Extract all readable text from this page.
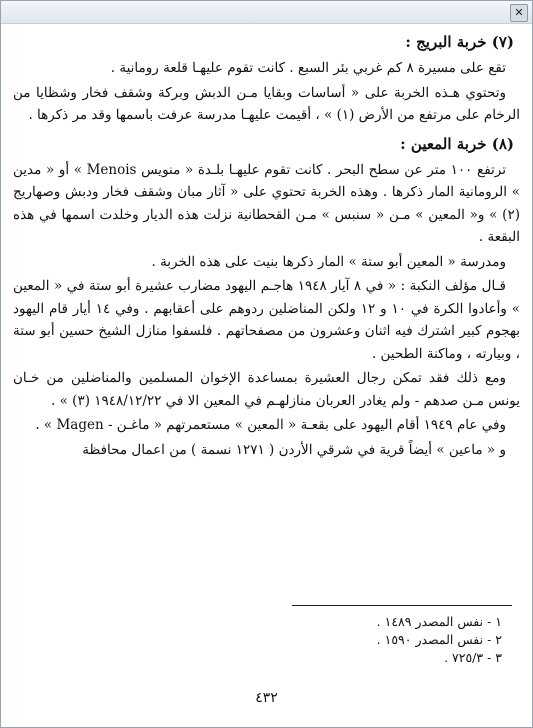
✕
(٧) خربة البريج :

تقع على مسيرة ٨ كم غربي بئر السبع . كانت تقوم عليهـا قلعة رومانية .

وتحتوي هـذه الخربة على « أساسات وبقايا مـن الدبش وبركة وشقف فخار وشظايا من الرخام على مرتفع من الأرض (١) » ، أقيمت عليهـا مدرسة عرفت باسمها وقد مر ذكرها .

(٨) خربة المعين :

ترتفع ١٠٠ متر عن سطح البحر . كانت تقوم عليهـا بلـدة « منويس Menois » أو « مدين » الرومانية المار ذكرها . وهذه الخربة تحتوي على « آثار مبان وشقف فخار ودبش وصهاريج (٢) » و« المعين » مـن « سنبس » مـن القحطانية نزلت هذه الديار وخلدت اسمها في هذه البقعة .

ومدرسة « المعين أبو ستة » المار ذكرها بنيت على هذه الخربة .

قـال مؤلف النكبة : « في ٨ آيار ١٩٤٨ هاجـم اليهود مضارب عشيرة أبو ستة في « المعين » وأعادوا الكرة في ١٠ و ١٢ ولكن المناضلين ردوهم على أعقابهم . وفي ١٤ أيار قام اليهود بهجوم كبير اشترك فيه اثنان وعشرون من مصفحاتهم . فلسفوا منازل الشيخ حسين أبو ستة ، وبيارته ، وماكنة الطحين .

ومع ذلك فقد تمكن رجال العشيرة بمساعدة الإخوان المسلمين والمناضلين من خـان يونس مـن صدهم - ولم يغادر العربان منازلهـم في المعين الا في ١٩٤٨/١٢/٢٢ (٣) » .

وفي عام ١٩٤٩ أقام اليهود على بقعـة « المعين » مستعمرتهم « ماغـن - Magen » .

و « ماعين » أيضاً قرية في شرقي الأردن ( ١٢٧١ نسمة ) من اعمال محافظة

١ - نفس المصدر ١٤٨٩ .
٢ - نفس المصدر ١٥٩٠ .
٣ - ٧٢٥/٣ .
٤٣٢
